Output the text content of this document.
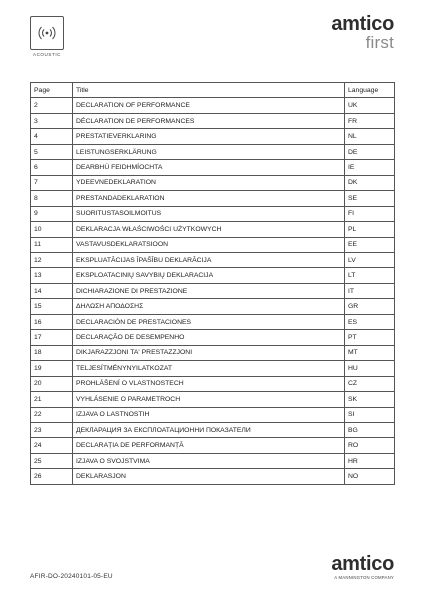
ACOUSTIC
amtico
first
Page	Title	Language
2	DECLARATION OF PERFORMANCE	UK
3	DÉCLARATION DE PERFORMANCES	FR
4	PRESTATIEVERKLARING	NL
5	LEISTUNGSERKLÄRUNG	DE
6	DEARBHÚ FEIDHMÍOCHTA	IE
7	YDEEVNEDEKLARATION	DK
8	PRESTANDADEKLARATION	SE
9	SUORITUSTASOILMOITUS	FI
10	DEKLARACJA WŁAŚCIWOŚCI UŻYTKOWYCH	PL
11	VASTAVUSDEKLARATSIOON	EE
12	EKSPLUATĀCIJAS ĪPAŠĪBU DEKLARĀCIJA	LV
13	EKSPLOATACINIŲ SAVYBIŲ DEKLARACIJA	LT
14	DICHIARAZIONE DI PRESTAZIONE	IT
15	ΔΗΛΩΣΗ ΑΠΟΔΟΣΗΣ	GR
16	DECLARACIÓN DE PRESTACIONES	ES
17	DECLARAÇÃO DE DESEMPENHO	PT
18	DIKJARAZZJONI TA' PRESTAZZJONI	MT
19	TELJESÍTMÉNYNYILATKOZAT	HU
20	PROHLÁŠENÍ O VLASTNOSTECH	CZ
21	VYHLÁSENIE O PARAMETROCH	SK
22	IZJAVA O LASTNOSTIH	SI
23	ДЕКЛАРАЦИЯ ЗА ЕКСПЛОАТАЦИОННИ ПОКАЗАТЕЛИ	BG
24	DECLARAȚIA DE PERFORMANȚĂ	RO
25	IZJAVA O SVOJSTVIMA	HR
26	DEKLARASJON	NO
AFIR-DO-20240101-05-EU
amtico
A MANNINGTON COMPANY
